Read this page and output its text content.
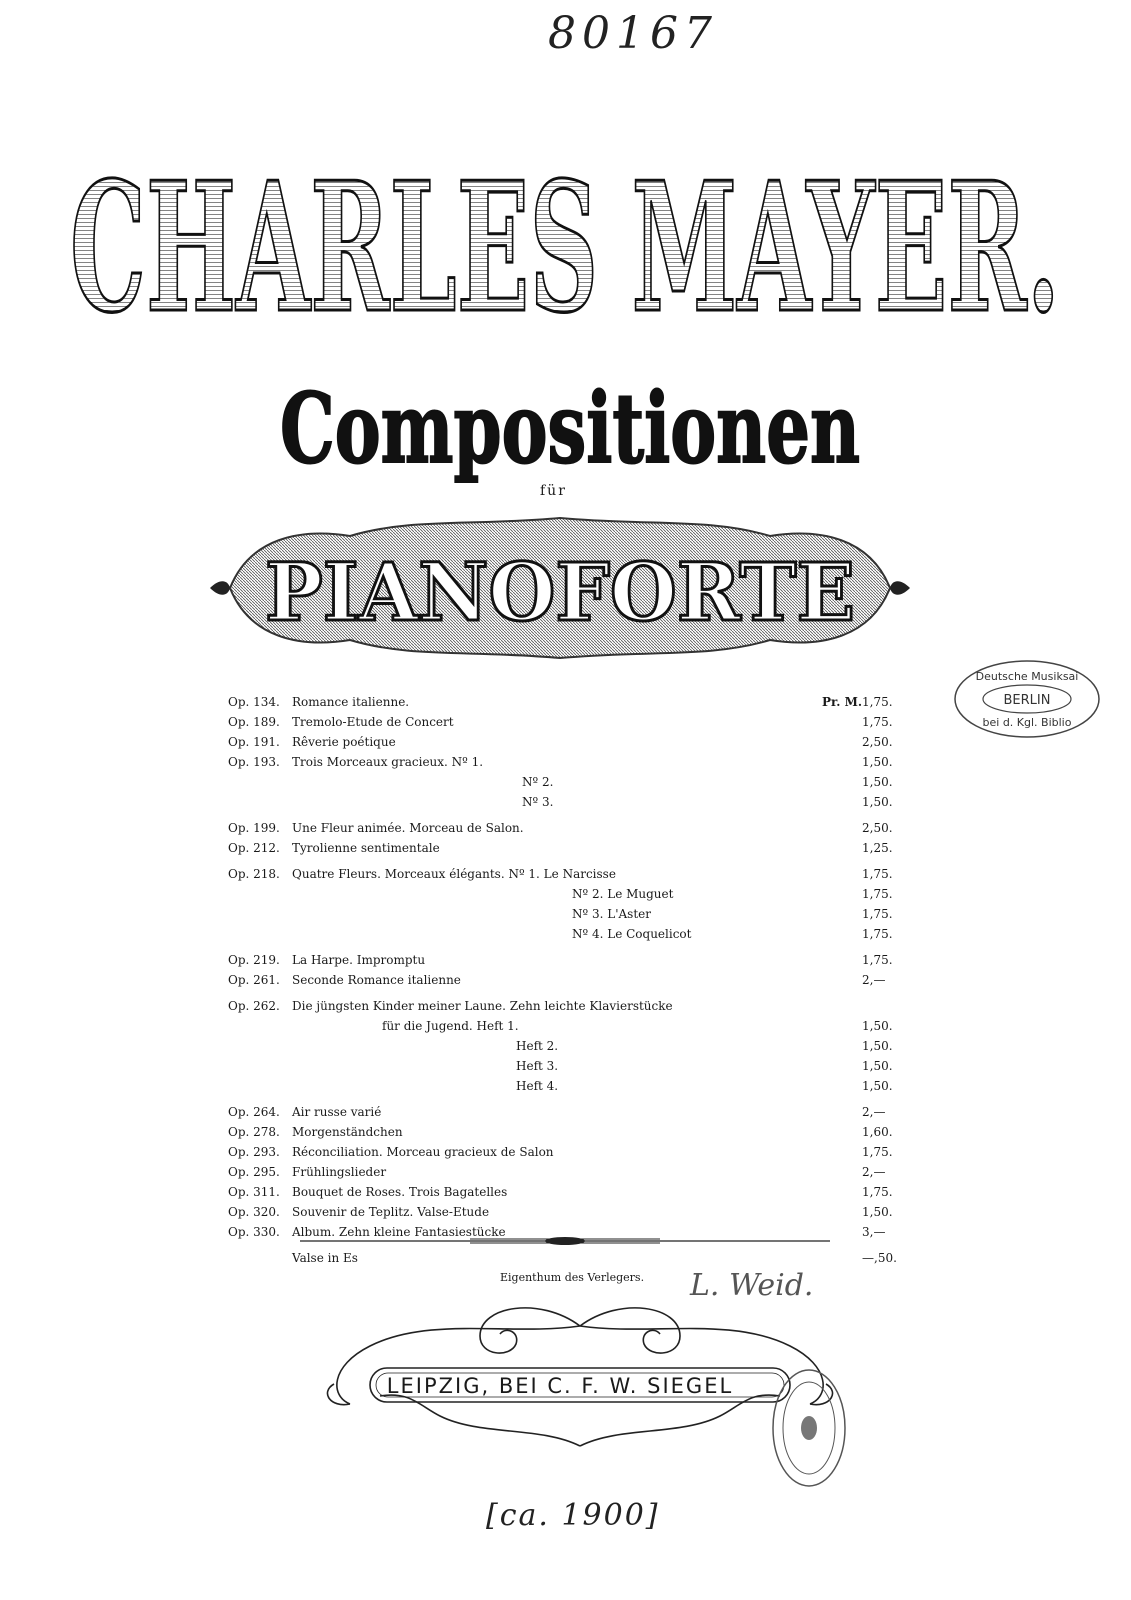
80167
CHARLES MAYER.
Compositionen
für
PIANOFORTE
Deutsche Musiksai
BERLIN
bei d. Kgl. Biblio
Op. 134.	Romance italienne.	Pr. M. 1,75.
Op. 189.	Tremolo-Etude de Concert	1,75.
Op. 191.	Rêverie poétique	2,50.
Op. 193.	Trois Morceaux gracieux. Nº 1.	1,50.
Nº 2.	1,50.
Nº 3.	1,50.
Op. 199.	Une Fleur animée. Morceau de Salon.	2,50.
Op. 212.	Tyrolienne sentimentale	1,25.
Op. 218.	Quatre Fleurs. Morceaux élégants. Nº 1. Le Narcisse	1,75.
Nº 2. Le Muguet	1,75.
Nº 3. L'Aster	1,75.
Nº 4. Le Coquelicot	1,75.
Op. 219.	La Harpe. Impromptu	1,75.
Op. 261.	Seconde Romance italienne	2,—
Op. 262.	Die jüngsten Kinder meiner Laune. Zehn leichte Klavierstücke
für die Jugend. Heft 1.	1,50.
Heft 2.	1,50.
Heft 3.	1,50.
Heft 4.	1,50.
Op. 264.	Air russe varié	2,—
Op. 278.	Morgenständchen	1,60.
Op. 293.	Réconciliation. Morceau gracieux de Salon	1,75.
Op. 295.	Frühlingslieder	2,—
Op. 311.	Bouquet de Roses. Trois Bagatelles	1,75.
Op. 320.	Souvenir de Teplitz. Valse-Etude	1,50.
Op. 330.	Album. Zehn kleine Fantasiestücke	3,—
Valse in Es	—,50.
Eigenthum des Verlegers. L. Weid.
LEIPZIG, BEI C. F. W. SIEGEL
[ca. 1900]
